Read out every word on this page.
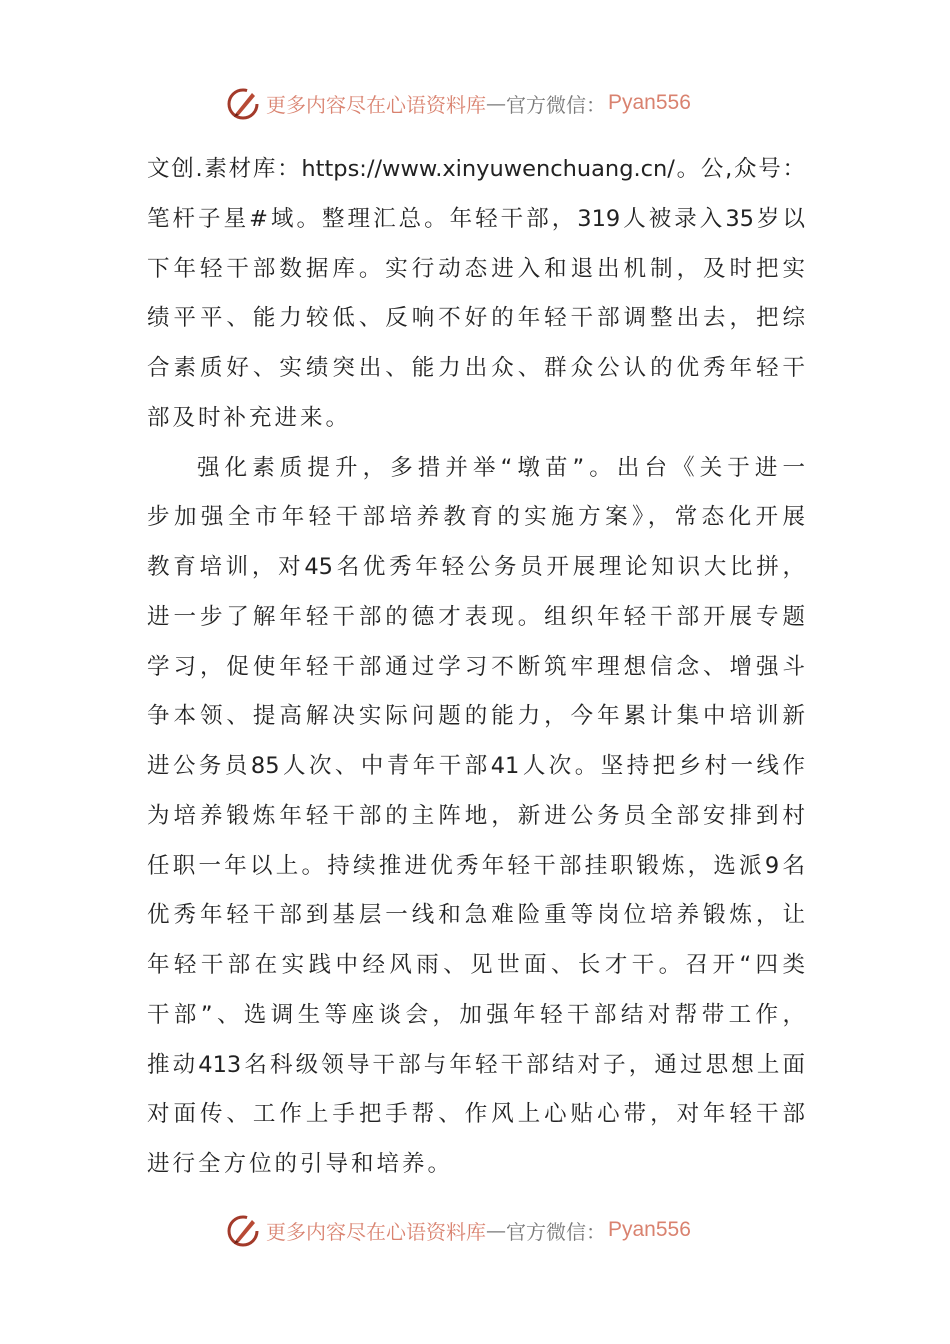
更多内容尽在心语资料库 — 官方微信： Pyan556
文创.素材库：https://www.xinyuwenchuang.cn/。公,众号：
笔杆子星#域。整理汇总。年轻干部，319人被录入35岁以
下年轻干部数据库。实行动态进入和退出机制，及时把实
绩平平、能力较低、反响不好的年轻干部调整出去，把综
合素质好、实绩突出、能力出众、群众公认的优秀年轻干
部及时补充进来。
强化素质提升，多措并举“墩苗”。出台《关于进一
步加强全市年轻干部培养教育的实施方案》，常态化开展
教育培训，对45名优秀年轻公务员开展理论知识大比拼，
进一步了解年轻干部的德才表现。组织年轻干部开展专题
学习，促使年轻干部通过学习不断筑牢理想信念、增强斗
争本领、提高解决实际问题的能力，今年累计集中培训新
进公务员85人次、中青年干部41人次。坚持把乡村一线作
为培养锻炼年轻干部的主阵地，新进公务员全部安排到村
任职一年以上。持续推进优秀年轻干部挂职锻炼，选派9名
优秀年轻干部到基层一线和急难险重等岗位培养锻炼，让
年轻干部在实践中经风雨、见世面、长才干。召开“四类
干部”、选调生等座谈会，加强年轻干部结对帮带工作，
推动413名科级领导干部与年轻干部结对子，通过思想上面
对面传、工作上手把手帮、作风上心贴心带，对年轻干部
进行全方位的引导和培养。
更多内容尽在心语资料库 — 官方微信： Pyan556
